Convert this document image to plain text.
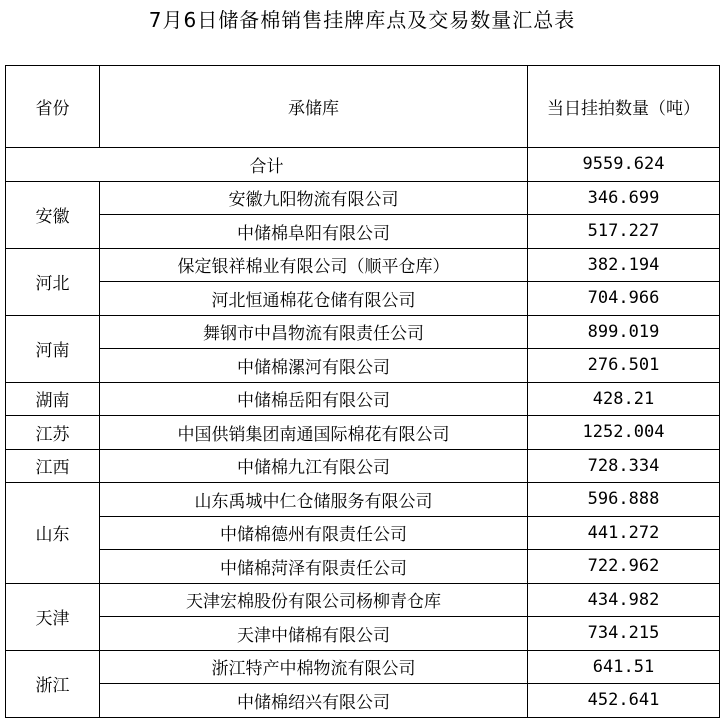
7月6日储备棉销售挂牌库点及交易数量汇总表
省份	承储库	当日挂拍数量（吨）
合计		9559.624
安徽	安徽九阳物流有限公司	346.699
	中储棉阜阳有限公司	517.227
河北	保定银祥棉业有限公司（顺平仓库）	382.194
	河北恒通棉花仓储有限公司	704.966
河南	舞钢市中昌物流有限责任公司	899.019
	中储棉漯河有限公司	276.501
湖南	中储棉岳阳有限公司	428.21
江苏	中国供销集团南通国际棉花有限公司	1252.004
江西	中储棉九江有限公司	728.334
山东	山东禹城中仁仓储服务有限公司	596.888
	中储棉德州有限责任公司	441.272
	中储棉菏泽有限责任公司	722.962
天津	天津宏棉股份有限公司杨柳青仓库	434.982
	天津中储棉有限公司	734.215
浙江	浙江特产中棉物流有限公司	641.51
	中储棉绍兴有限公司	452.641
